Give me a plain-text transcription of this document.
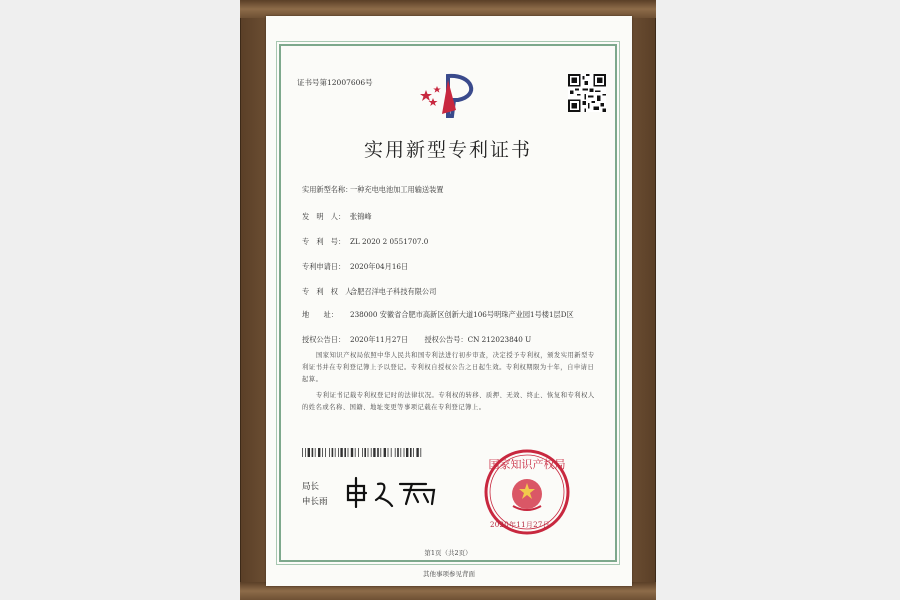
证书号第12007606号
实用新型专利证书
实用新型名称：一种充电电池加工用输送装置
发　明　人： 张锦峰
专　利　号： ZL 2020 2 0551707.0
专利申请日： 2020年04月16日
专　利　权　人：合肥召洋电子科技有限公司
地　　址： 238000 安徽省合肥市高新区创新大道106号明珠产业园1号楼1层D区
授权公告日： 2020年11月27日 授权公告号：CN 212023840 U
国家知识产权局依照中华人民共和国专利法进行初步审查，决定授予专利权，颁发实用新型专利证书并在专利登记簿上予以登记。专利权自授权公告之日起生效。专利权期限为十年，自申请日起算。
专利证书记载专利权登记时的法律状况。专利权的转移、质押、无效、终止、恢复和专利权人的姓名或名称、国籍、地址变更等事项记载在专利登记簿上。
局长
申长雨
国家知识产权局
2020年11月27日
第1页（共2页）
其他事项参见背面
